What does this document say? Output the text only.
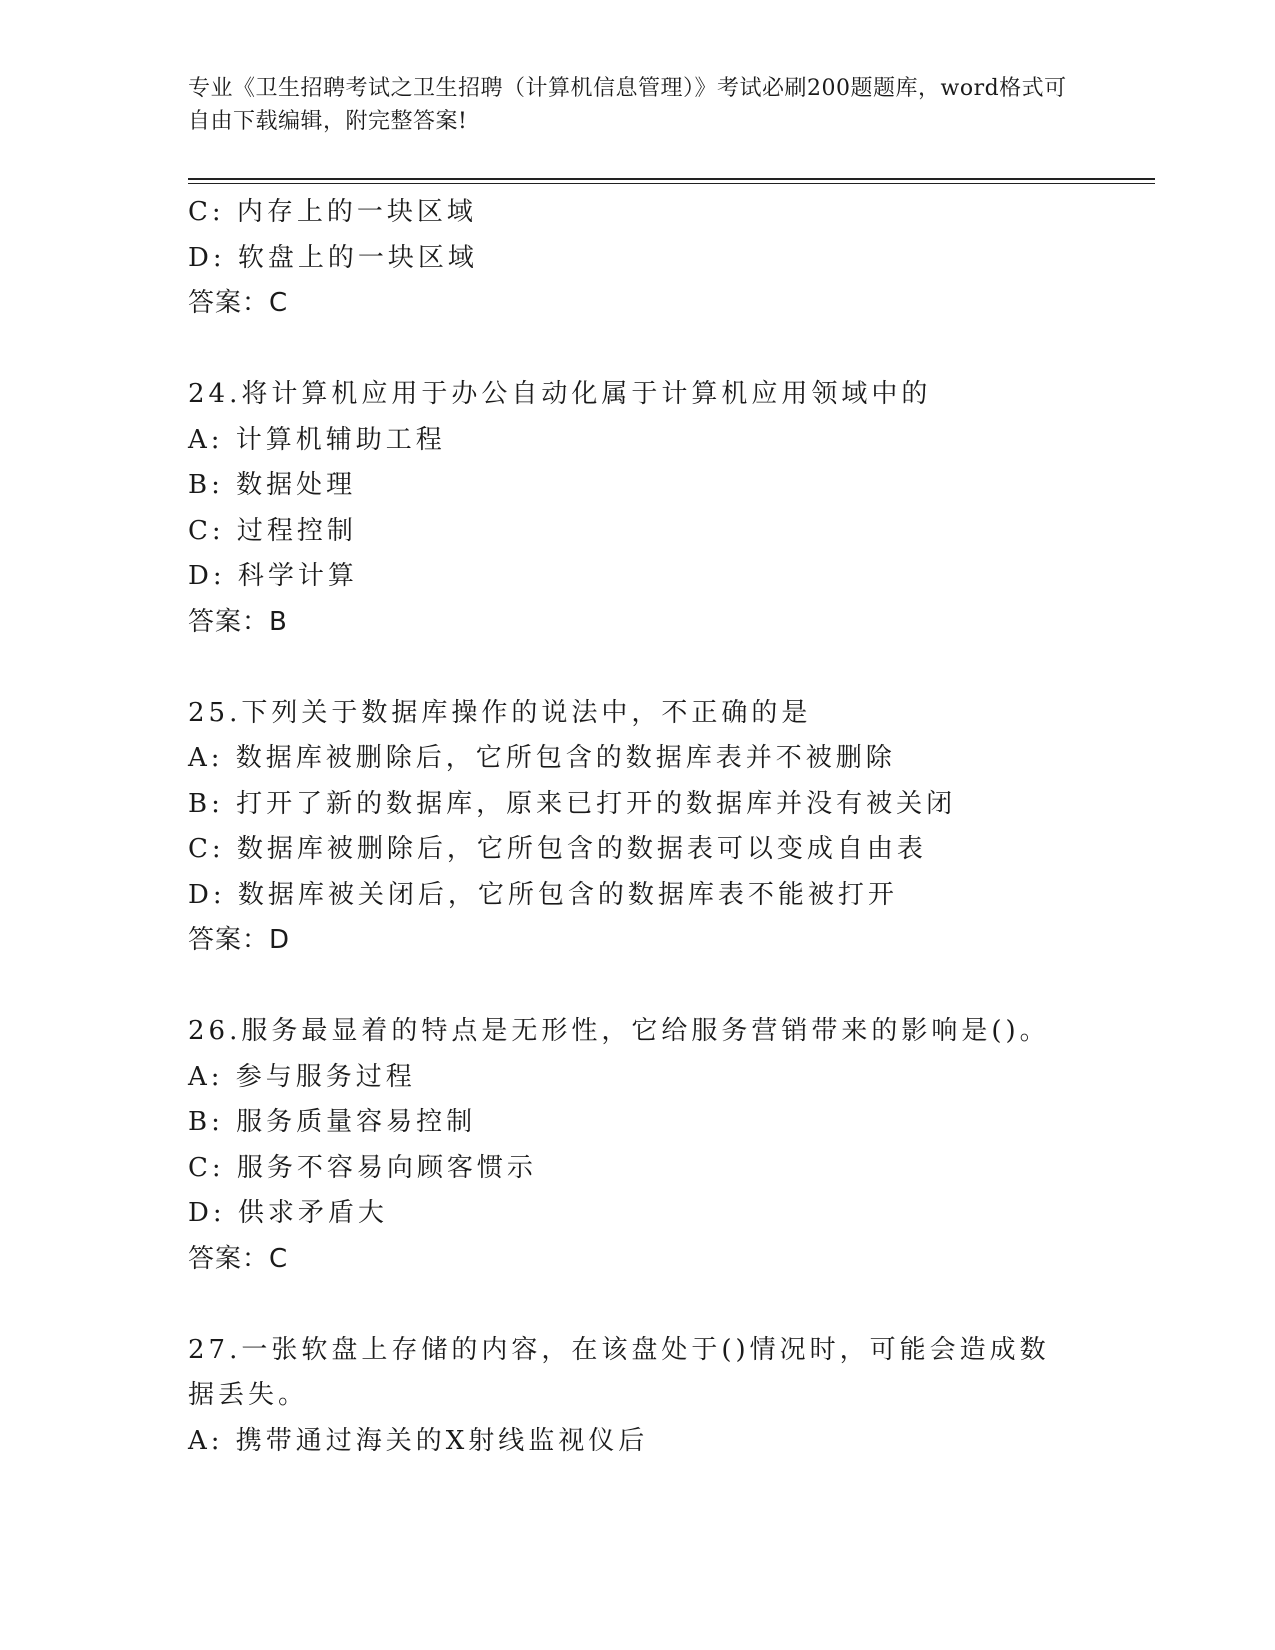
专业《卫生招聘考试之卫生招聘（计算机信息管理）》考试必刷200题题库，word格式可自由下载编辑，附完整答案!
C: 内存上的一块区域
D: 软盘上的一块区域
答案：C
24.将计算机应用于办公自动化属于计算机应用领域中的
A: 计算机辅助工程
B: 数据处理
C: 过程控制
D: 科学计算
答案：B
25.下列关于数据库操作的说法中，不正确的是
A: 数据库被删除后，它所包含的数据库表并不被删除
B: 打开了新的数据库，原来已打开的数据库并没有被关闭
C: 数据库被删除后，它所包含的数据表可以变成自由表
D: 数据库被关闭后，它所包含的数据库表不能被打开
答案：D
26.服务最显着的特点是无形性，它给服务营销带来的影响是()。
A: 参与服务过程
B: 服务质量容易控制
C: 服务不容易向顾客惯示
D: 供求矛盾大
答案：C
27.一张软盘上存储的内容，在该盘处于()情况时，可能会造成数据丢失。
A: 携带通过海关的X射线监视仪后
